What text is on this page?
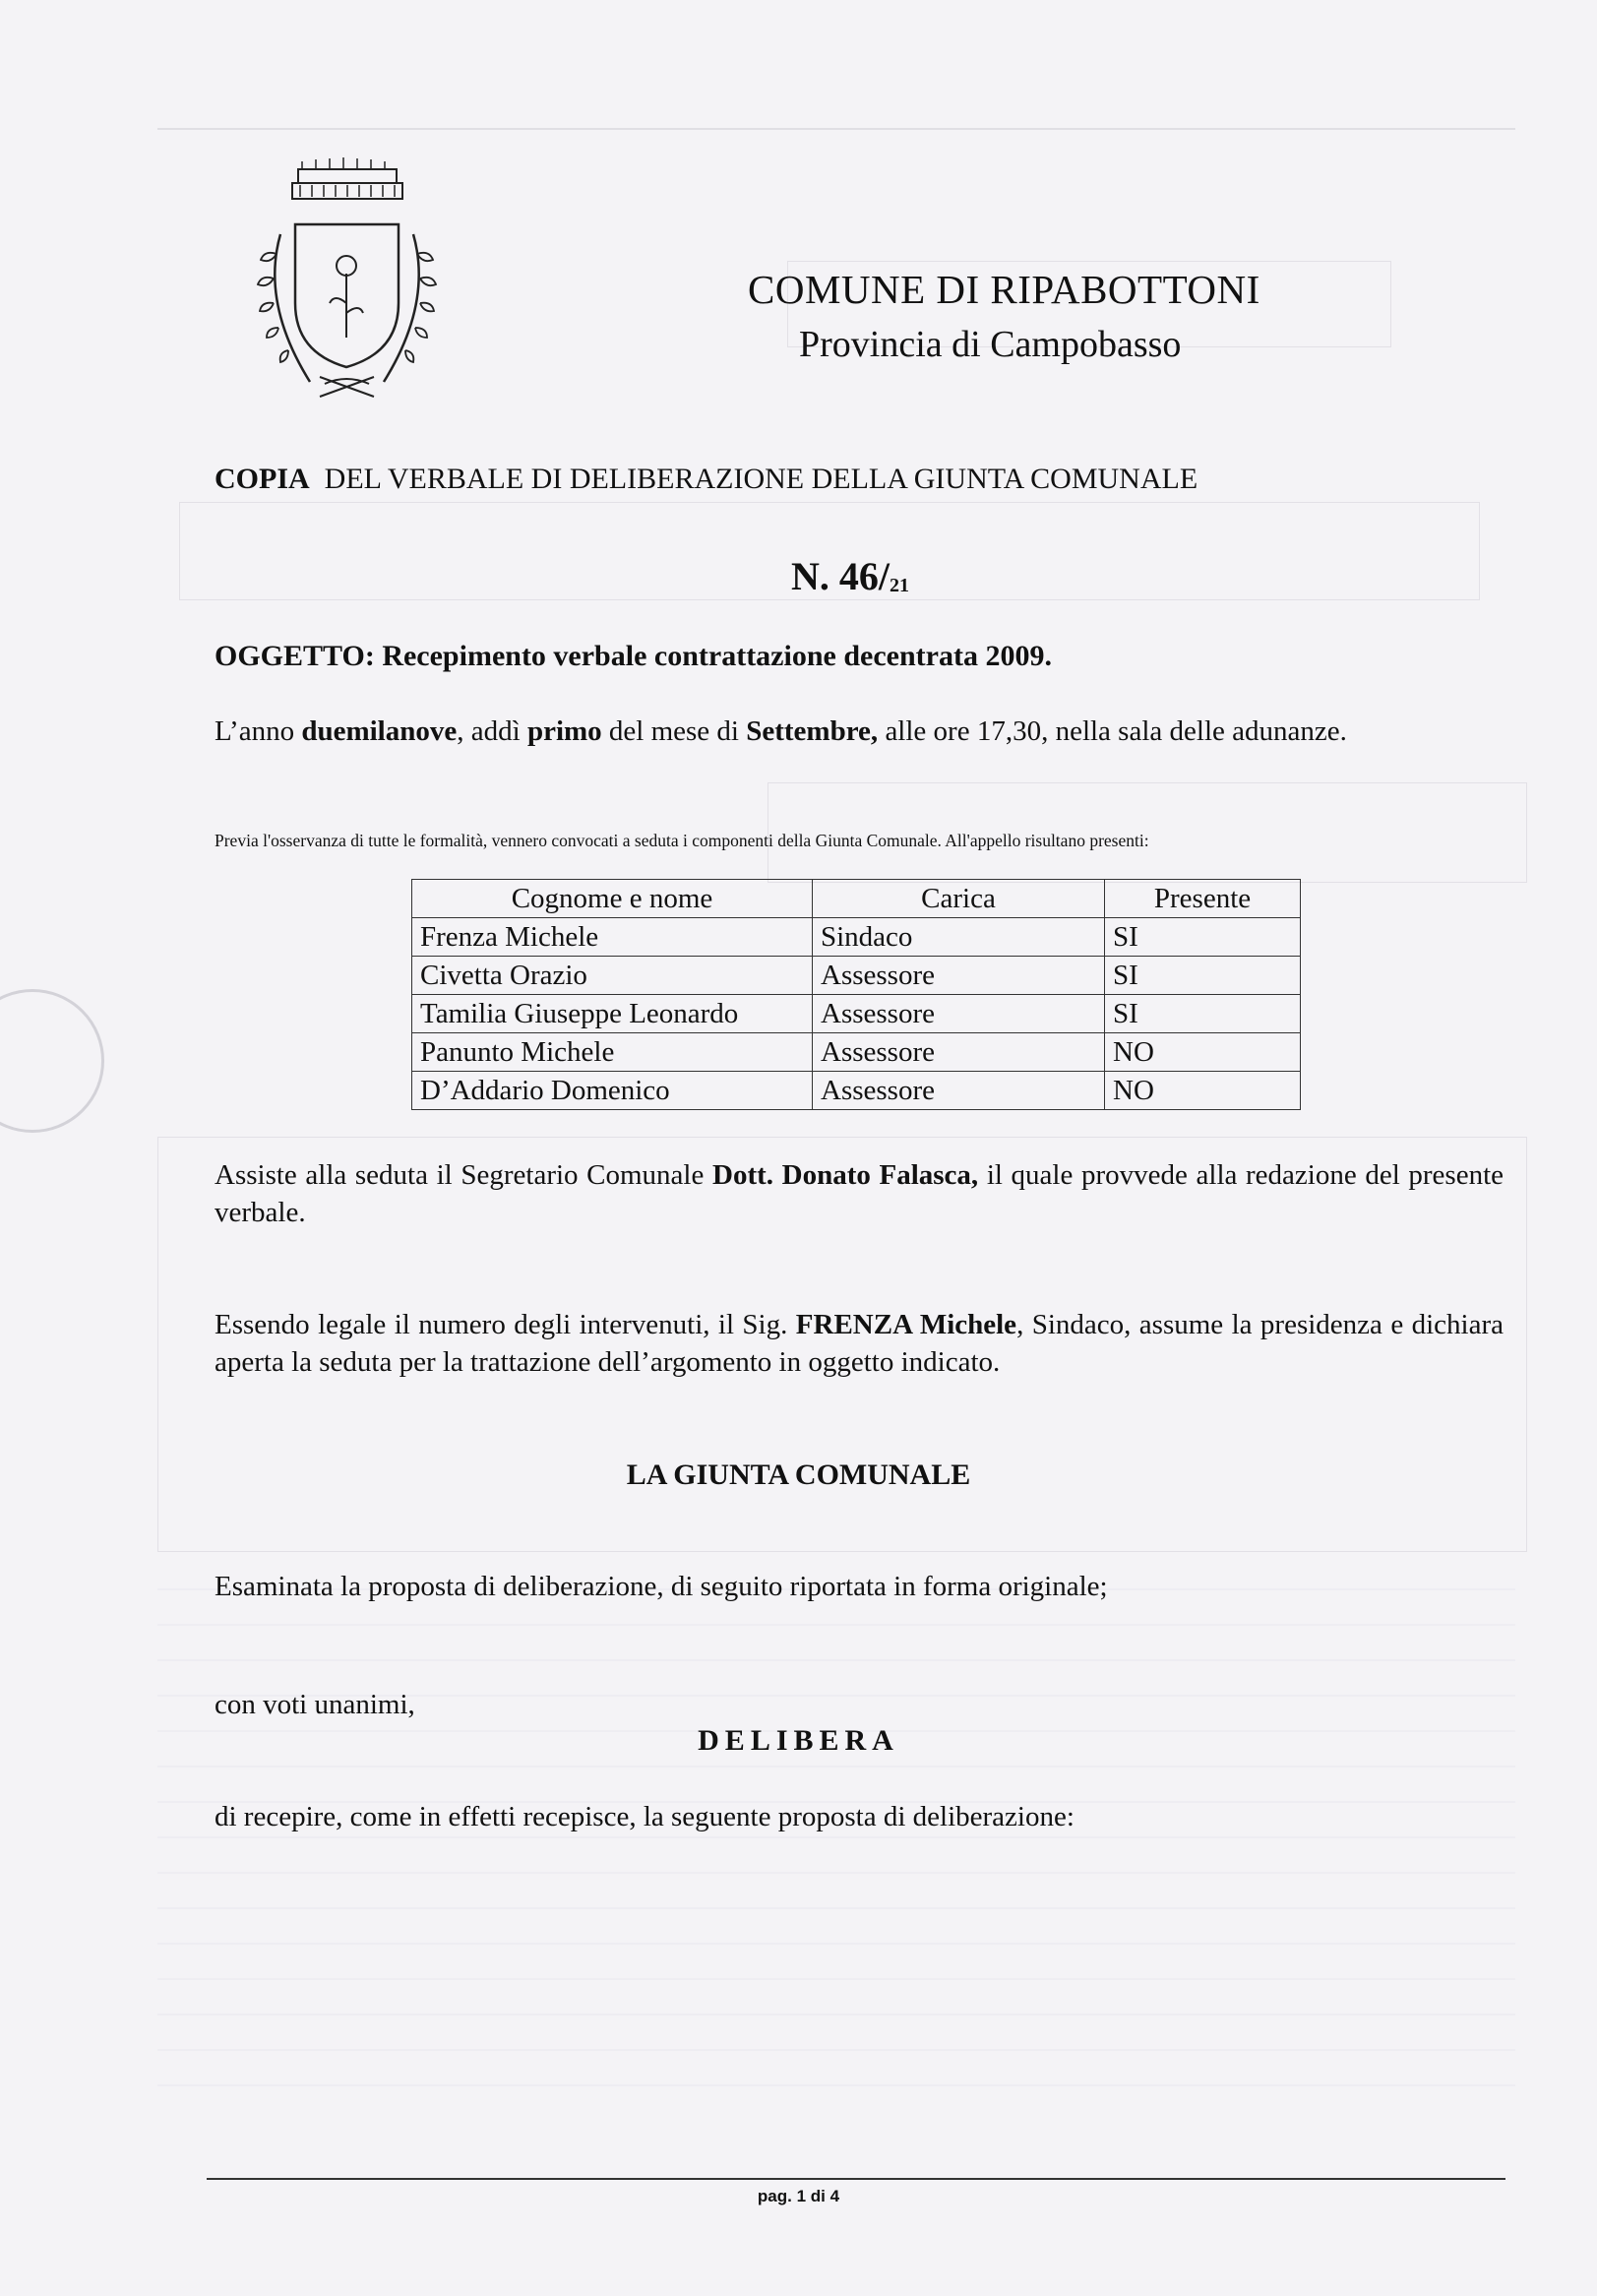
COMUNE DI RIPABOTTONI
Provincia di Campobasso
COPIA DEL VERBALE DI DELIBERAZIONE DELLA GIUNTA COMUNALE
N. $46/_{21}$
OGGETTO: Recepimento verbale contrattazione decentrata 2009.
L’anno duemilanove, addì primo del mese di Settembre, alle ore 17,30, nella sala delle adunanze.
Previa l'osservanza di tutte le formalità, vennero convocati a seduta i componenti della Giunta Comunale. All'appello risultano presenti:
Cognome e nome	Carica	Presente
Frenza Michele	Sindaco	SI
Civetta Orazio	Assessore	SI
Tamilia Giuseppe Leonardo	Assessore	SI
Panunto Michele	Assessore	NO
D’Addario Domenico	Assessore	NO
Assiste alla seduta il Segretario Comunale Dott. Donato Falasca, il quale provvede alla redazione del presente verbale.
Essendo legale il numero degli intervenuti, il Sig. FRENZA Michele, Sindaco, assume la presidenza e dichiara aperta la seduta per la trattazione dell’argomento in oggetto indicato.
LA GIUNTA COMUNALE
Esaminata la proposta di deliberazione, di seguito riportata in forma originale;
con voti unanimi,
DELIBERA
di recepire, come in effetti recepisce, la seguente proposta di deliberazione:
pag. 1 di 4
